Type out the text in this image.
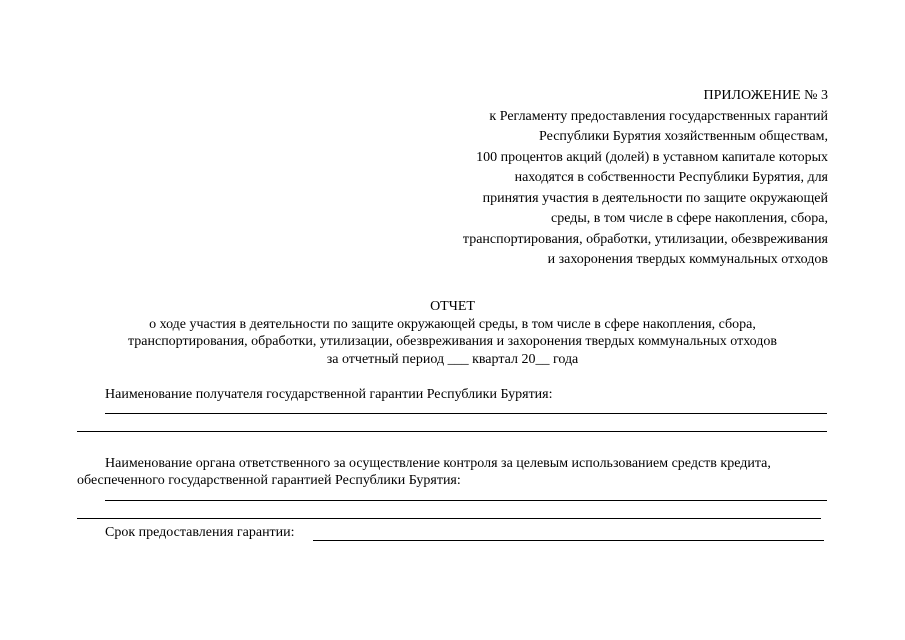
ПРИЛОЖЕНИЕ № 3
к Регламенту предоставления государственных гарантий
Республики Бурятия хозяйственным обществам,
100 процентов акций (долей) в уставном капитале которых
находятся в собственности Республики Бурятия, для
принятия участия в деятельности по защите окружающей
среды, в том числе в сфере накопления, сбора,
транспортирования, обработки, утилизации, обезвреживания
и захоронения твердых коммунальных отходов
ОТЧЕТ
о ходе участия в деятельности по защите окружающей среды, в том числе в сфере накопления, сбора,
транспортирования, обработки, утилизации, обезвреживания и захоронения твердых коммунальных отходов
за отчетный период ___ квартал 20__ года
Наименование получателя государственной гарантии Республики Бурятия:
Наименование органа ответственного за осуществление контроля за целевым использованием средств кредита,
обеспеченного государственной гарантией Республики Бурятия:
Срок предоставления гарантии:
